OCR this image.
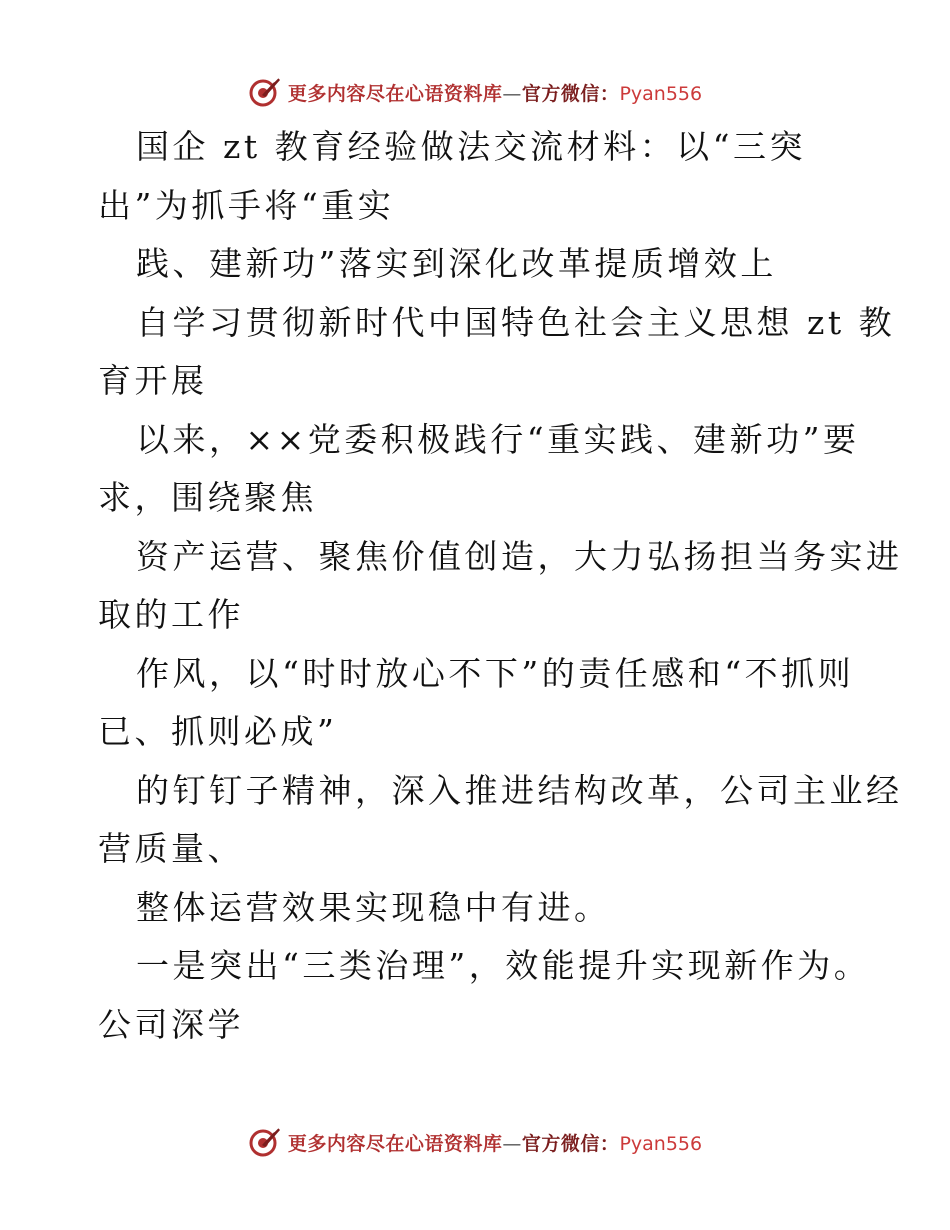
更多内容尽在心语资料库—官方微信：Pyan556
国企 zt 教育经验做法交流材料：以“三突
出”为抓手将“重实
践、建新功”落实到深化改革提质增效上
自学习贯彻新时代中国特色社会主义思想 zt 教
育开展
以来，××党委积极践行“重实践、建新功”要
求，围绕聚焦
资产运营、聚焦价值创造，大力弘扬担当务实进
取的工作
作风，以“时时放心不下”的责任感和“不抓则
已、抓则必成”
的钉钉子精神，深入推进结构改革，公司主业经
营质量、
整体运营效果实现稳中有进。
一是突出“三类治理”，效能提升实现新作为。
公司深学
更多内容尽在心语资料库—官方微信：Pyan556
